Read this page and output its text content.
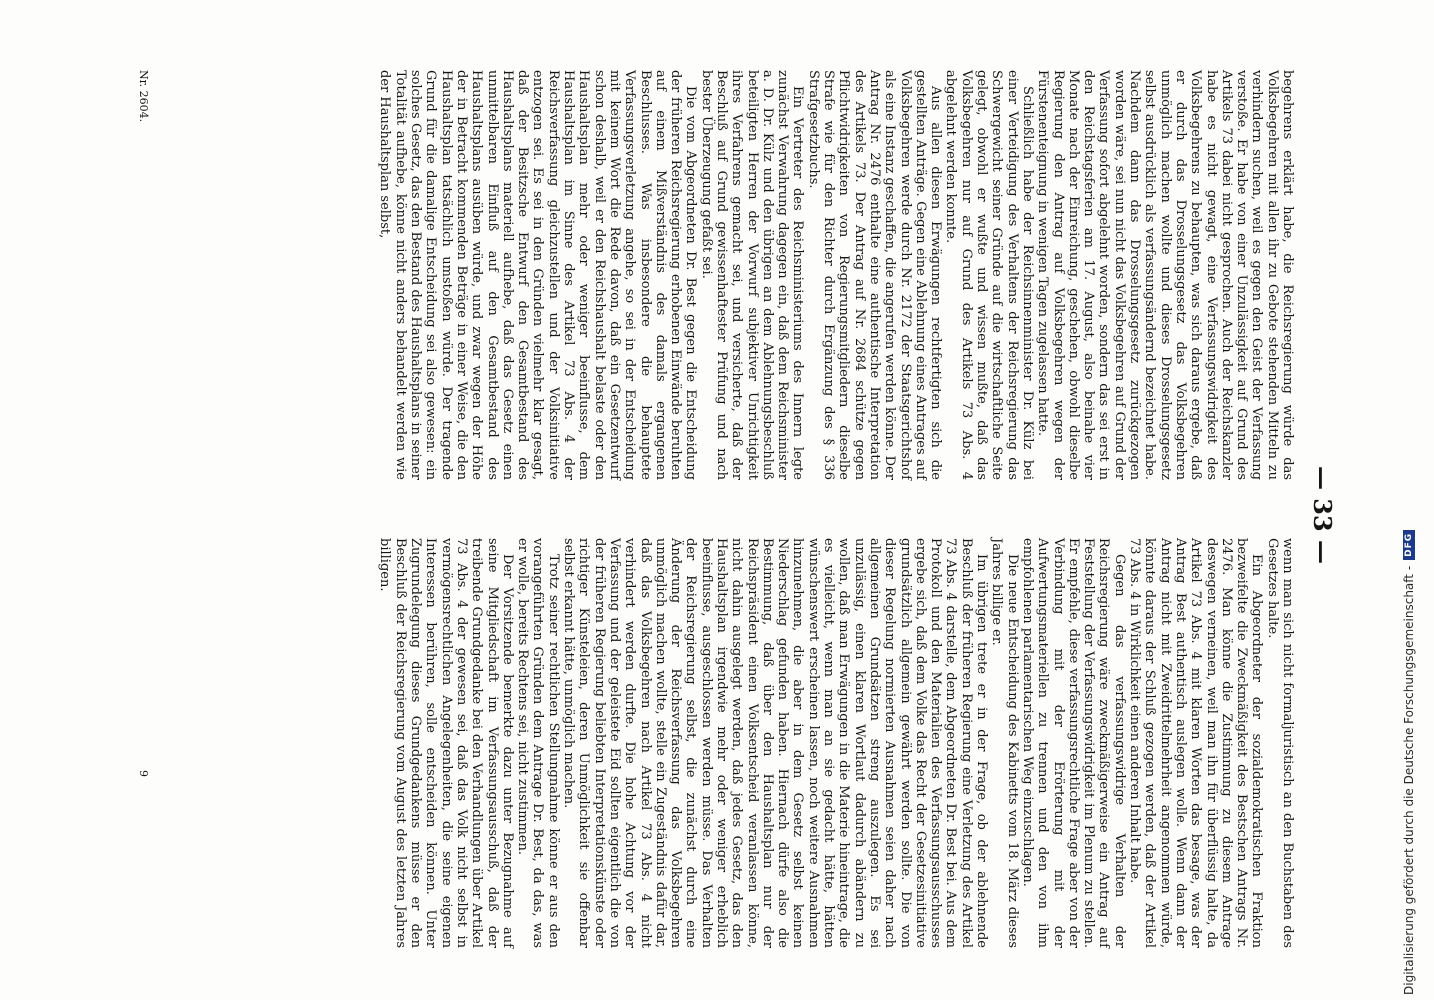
— 33 —

begehrens erklärt habe, die Reichsregierung würde das Volksbegehren mit allen ihr zu Gebote stehenden Mitteln zu verhindern suchen, weil es gegen den Geist der Verfassung verstoße. Er habe von einer Unzulässigkeit auf Grund des Artikels 73 dabei nicht gesprochen. Auch der Reichskanzler habe es nicht gewagt, eine Verfassungswidrigkeit des Volksbegehrens zu behaupten, was sich daraus ergebe, daß er durch das Drosselungsgesetz das Volksbegehren unmöglich machen wollte und dieses Drosselungsgesetz selbst ausdrücklich als verfassungsändernd bezeichnet habe. Nachdem dann das Drosselungsgesetz zurückgezogen worden wäre, sei nun nicht das Volksbegehren auf Grund der Verfassung sofort abgelehnt worden, sondern das sei erst in den Reichstagsferien am 17. August, also beinahe vier Monate nach der Einreichung, geschehen, obwohl dieselbe Regierung den Antrag auf Volksbegehren wegen der Fürstenenteignung in wenigen Tagen zugelassen hatte.

Schließlich habe der Reichsinnenminister Dr. Külz bei einer Verteidigung des Verhaltens der Reichsregierung das Schwergewicht seiner Gründe auf die wirtschaftliche Seite gelegt, obwohl er wußte und wissen mußte, daß das Volksbegehren nur auf Grund des Artikels 73 Abs. 4 abgelehnt werden konnte.

Aus allen diesen Erwägungen rechtfertigten sich die gestellten Anträge. Gegen eine Ablehnung eines Antrages auf Volksbegehren werde durch Nr. 2172 der Staatsgerichtshof als eine Instanz geschaffen, die angerufen werden könne. Der Antrag Nr. 2476 enthalte eine authentische Interpretation des Artikels 73. Der Antrag auf Nr. 2684 schütze gegen Pflichtwidrigkeiten von Regierungsmitgliedern dieselbe Strafe wie für den Richter durch Ergänzung des § 336 Strafgesetzbuchs.

Ein Vertreter des Reichsministeriums des Innern legte zunächst Verwahrung dagegen ein, daß dem Reichsminister a. D. Dr. Külz und den übrigen an dem Ablehnungsbeschluß beteiligten Herren der Vorwurf subjektiver Unrichtigkeit ihres Verfahrens gemacht sei, und versicherte, daß der Beschluß auf Grund gewissenhaftester Prüfung und nach bester Überzeugung gefaßt sei.

Die vom Abgeordneten Dr. Best gegen die Entscheidung der früheren Reichsregierung erhobenen Einwände beruhten auf einem Mißverständnis des damals ergangenen Beschlusses. Was insbesondere die behauptete Verfassungsverletzung angehe, so sei in der Entscheidung mit keinem Wort die Rede davon, daß ein Gesetzentwurf schon deshalb, weil er den Reichshaushalt belaste oder den Haushaltsplan mehr oder weniger beeinflusse, dem Haushaltsplan im Sinne des Artikel 73 Abs. 4 der Reichsverfassung gleichzustellen und der Volksinitiative entzogen sei. Es sei in den Gründen vielmehr klar gesagt, daß der Besitzsche Entwurf den Gesamtbestand des Haushaltsplans materiell aufhebe, daß das Gesetz einen unmittelbaren Einfluß auf den Gesamtbestand des Haushaltsplans ausüben würde, und zwar wegen der Höhe der in Betracht kommenden Beträge in einer Weise, die den Haushaltsplan tatsächlich umstoßen würde. Der tragende Grund für die damalige Entscheidung sei also gewesen: ein solches Gesetz, das den Bestand des Haushaltsplans in seiner Totalität aufhebe, könne nicht anders behandelt werden wie der Haushaltsplan selbst,

wenn man sich nicht formaljuristisch an den Buchstaben des Gesetzes halte.

Ein Abgeordneter der sozialdemokratischen Fraktion bezweifelte die Zweckmäßigkeit des Bestschen Antrags Nr. 2476. Man könne die Zustimmung zu diesem Antrage deswegen verneinen, weil man ihn für überflüssig halte, da Artikel 73 Abs. 4 mit klaren Worten das besage, was der Antrag Best authentisch auslegen wolle. Wenn dann der Antrag nicht mit Zweidrittelmehrheit angenommen würde, könnte daraus der Schluß gezogen werden, daß der Artikel 73 Abs. 4 in Wirklichkeit einen anderen Inhalt habe.

Gegen das verfassungswidrige Verhalten der Reichsregierung wäre zweckmäßigerweise ein Antrag auf Feststellung der Verfassungswidrigkeit im Plenum zu stellen. Er empfehle, diese verfassungsrechtliche Frage aber von der Verbindung mit der Erörterung mit der Aufwertungsmateriellen zu trennen und den von ihm empfohlenen parlamentarischen Weg einzuschlagen.

Die neue Entscheidung des Kabinetts vom 18. März dieses Jahres billige er.

Im übrigen trete er in der Frage, ob der ablehnende Beschluß der früheren Regierung eine Verletzung des Artikel 73 Abs. 4 darstelle, dem Abgeordneten Dr. Best bei. Aus dem Protokoll und den Materialien des Verfassungsausschusses ergebe sich, daß dem Volke das Recht der Gesetzesinitiative grundsätzlich allgemein gewährt werden sollte. Die von dieser Regelung normierten Ausnahmen seien daher nach allgemeinen Grundsätzen streng auszulegen. Es sei unzulässig, einen klaren Wortlaut dadurch abändern zu wollen, daß man Erwägungen in die Materie hineintrage, die es vielleicht, wenn man an sie gedacht hätte, hätten wünschenswert erscheinen lassen, noch weitere Ausnahmen hinzunehmen, die aber in dem Gesetz selbst keinen Niederschlag gefunden haben. Hiernach dürfe also die Bestimmung, daß über den Haushaltsplan nur der Reichspräsident einen Volksentscheid veranlassen könne, nicht dahin ausgelegt werden, daß jedes Gesetz, das den Haushaltsplan irgendwie mehr oder weniger erheblich beeinflusse, ausgeschlossen werden müsse. Das Verhalten der Reichsregierung selbst, die zunächst durch eine Änderung der Reichsverfassung das Volksbegehren unmöglich machen wollte, stelle ein Zugeständnis dafür dar, daß das Volksbegehren nach Artikel 73 Abs. 4 nicht verhindert werden durfte. Die hohe Achtung vor der Verfassung und der geleistete Eid sollten eigentlich die von der früheren Regierung beliebten Interpretationskünste oder richtiger Künsteleien, deren Unmöglichkeit sie offenbar selbst erkannt hätte, unmöglich machen.

Trotz seiner rechtlichen Stellungnahme könne er aus den vorangeführten Gründen dem Antrage Dr. Best, da das, was er wolle, bereits Rechtens sei, nicht zustimmen.

Der Vorsitzende bemerkte dazu unter Bezugnahme auf seine Mitgliedschaft im Verfassungsausschuß, daß der treibende Grundgedanke bei den Verhandlungen über Artikel 73 Abs. 4 der gewesen sei, daß das Volk nicht selbst in vermögensrechtlichen Angelegenheiten, die seine eigenen Interessen berühren, solle entscheiden können. Unter Zugrundelegung dieses Grundgedankens müsse er den Beschluß der Reichsregierung vom August des letzten Jahres billigen.

Nr. 2604.
9	Digitalisierung gefördert durch die Deutsche Forschungsgemeinschaft -
DFG
